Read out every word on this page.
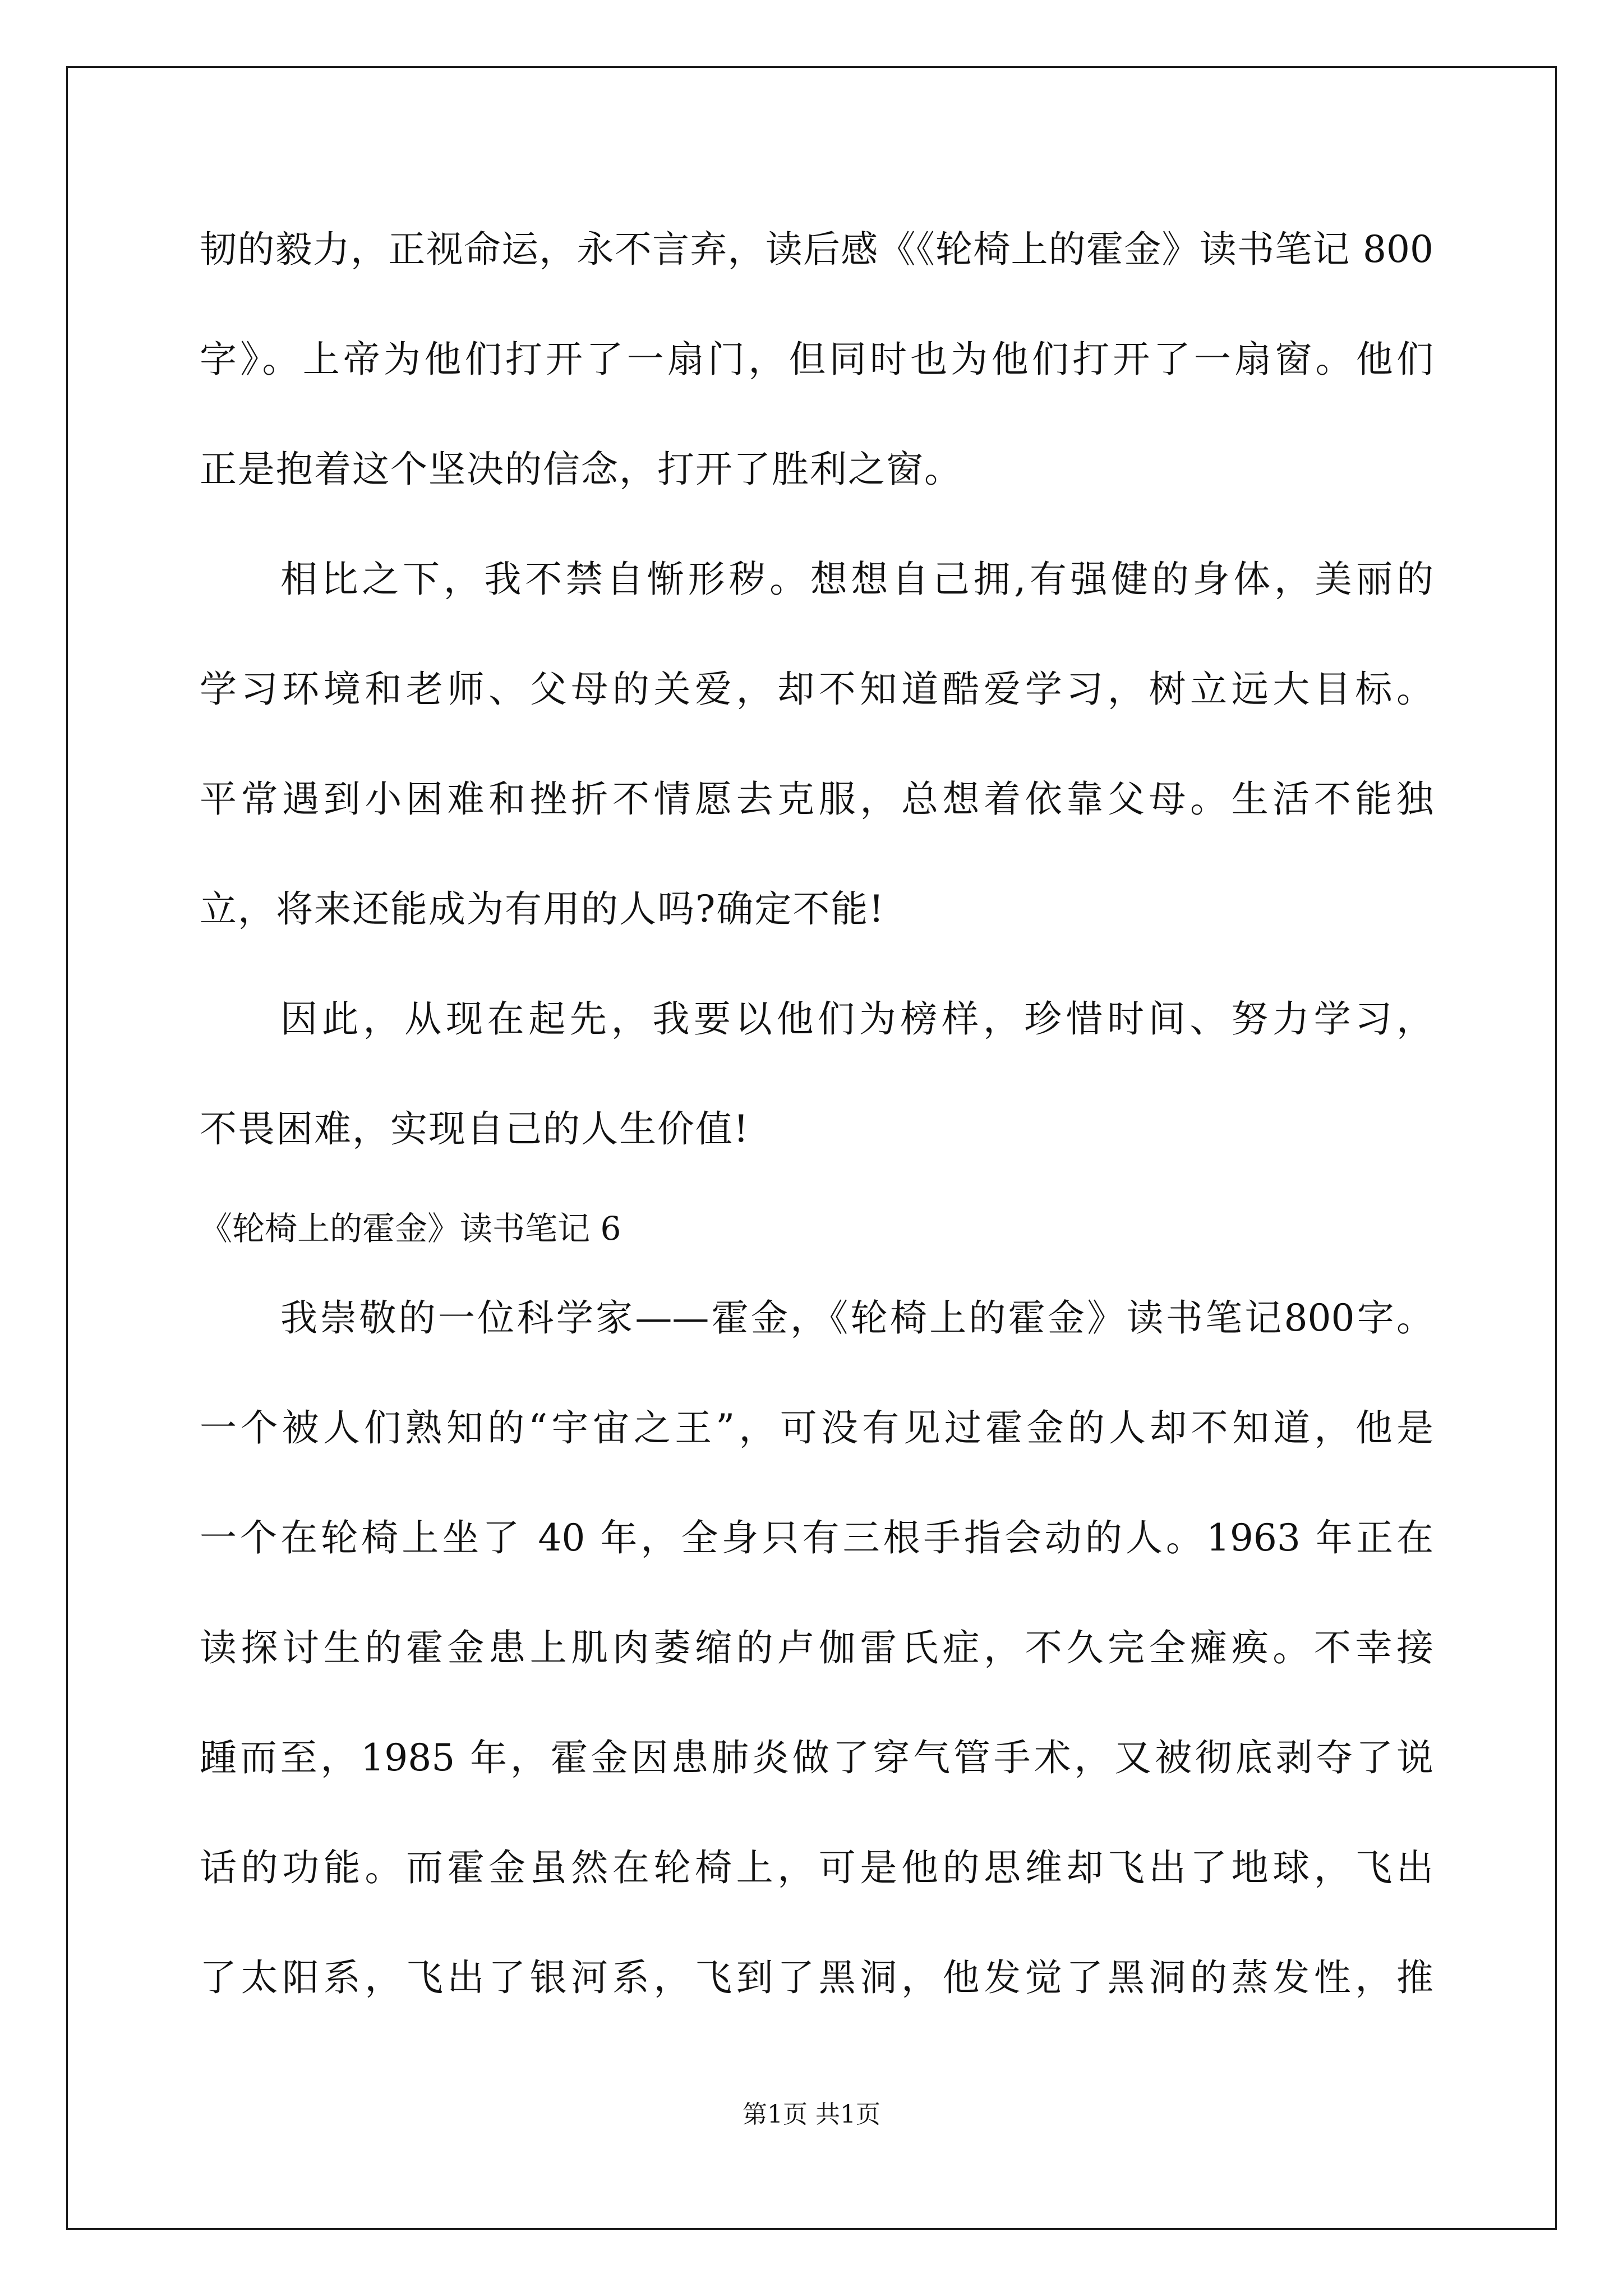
韧的毅力，正视命运，永不言弃，读后感《《轮椅上的霍金》读书笔记 800
字》。上帝为他们打开了一扇门，但同时也为他们打开了一扇窗。他们
正是抱着这个坚决的信念，打开了胜利之窗。
相比之下，我不禁自惭形秽。想想自己拥,有强健的身体，美丽的
学习环境和老师、父母的关爱，却不知道酷爱学习，树立远大目标。
平常遇到小困难和挫折不情愿去克服，总想着依靠父母。生活不能独
立，将来还能成为有用的人吗?确定不能!
因此，从现在起先，我要以他们为榜样，珍惜时间、努力学习，
不畏困难，实现自己的人生价值!
《轮椅上的霍金》读书笔记 6
我崇敬的一位科学家——霍金，《轮椅上的霍金》读书笔记800字。
一个被人们熟知的“宇宙之王”，可没有见过霍金的人却不知道，他是
一个在轮椅上坐了 40 年，全身只有三根手指会动的人。1963 年正在
读探讨生的霍金患上肌肉萎缩的卢伽雷氏症，不久完全瘫痪。不幸接
踵而至，1985 年，霍金因患肺炎做了穿气管手术，又被彻底剥夺了说
话的功能。而霍金虽然在轮椅上，可是他的思维却飞出了地球，飞出
了太阳系，飞出了银河系，飞到了黑洞，他发觉了黑洞的蒸发性，推
第1页 共1页
